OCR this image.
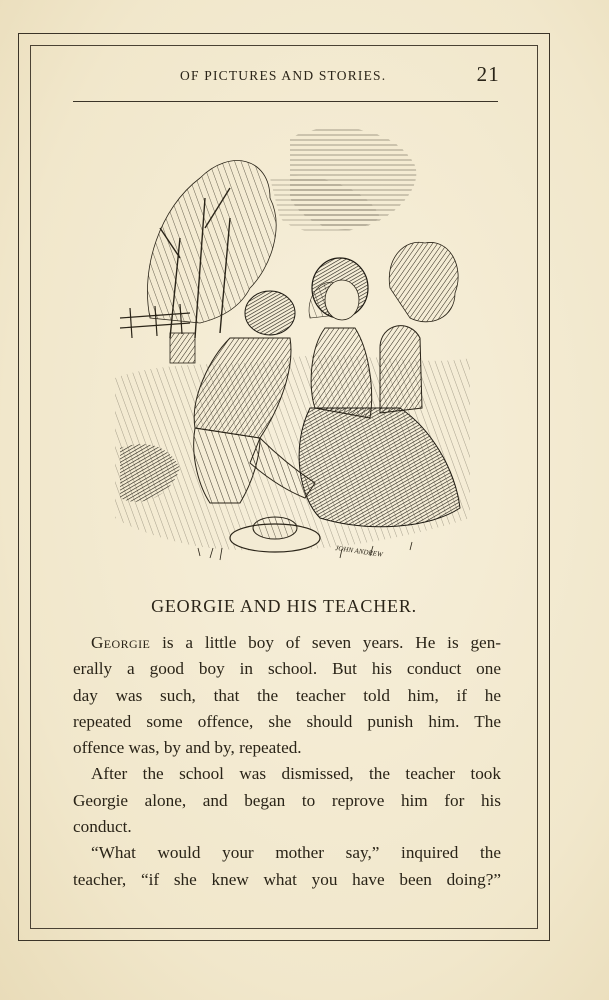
OF PICTURES AND STORIES.	21
JOHN ANDREW
GEORGIE AND HIS TEACHER.
Georgie is a little boy of seven years. He is gen-
erally a good boy in school. But his conduct one
day was such, that the teacher told him, if he
repeated some offence, she should punish him. The
offence was, by and by, repeated.
After the school was dismissed, the teacher took
Georgie alone, and began to reprove him for his
conduct.
“What would your mother say,” inquired the
teacher, “if she knew what you have been doing?”
